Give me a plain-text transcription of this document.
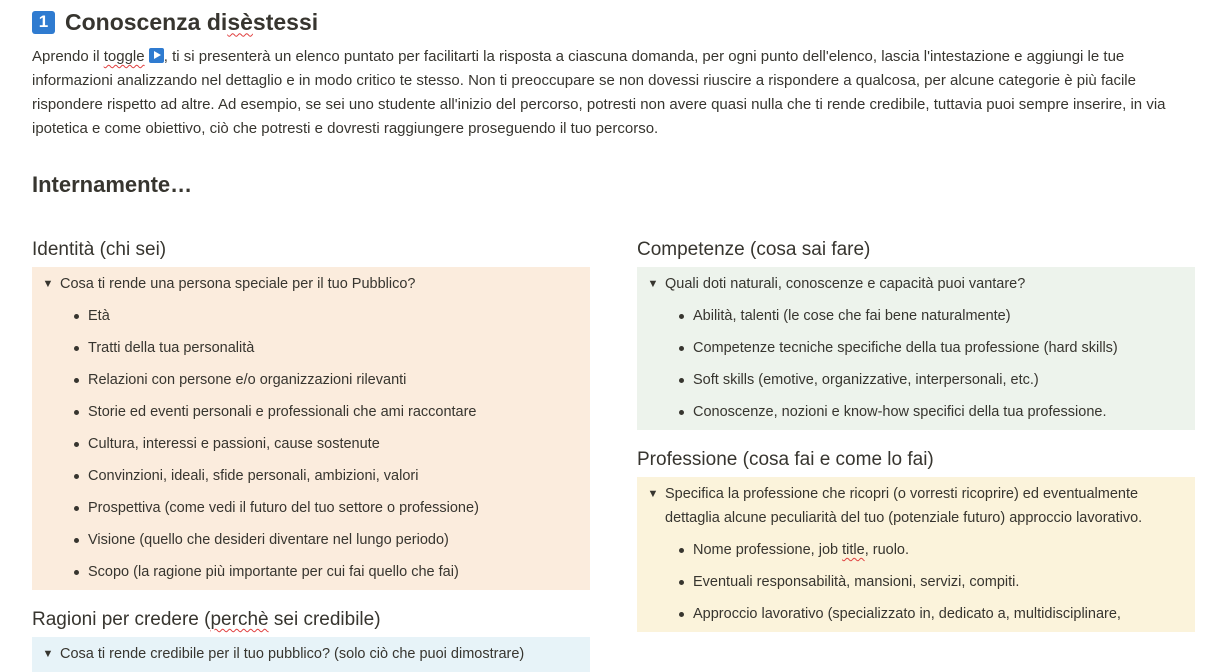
1 Conoscenza di sè stessi
Aprendo il toggle , ti si presenterà un elenco puntato per facilitarti la risposta a ciascuna domanda, per ogni punto dell'elenco, lascia l'intestazione e aggiungi le tue informazioni analizzando nel dettaglio e in modo critico te stesso. Non ti preoccupare se non dovessi riuscire a rispondere a qualcosa, per alcune categorie è più facile rispondere rispetto ad altre. Ad esempio, se sei uno studente all'inizio del percorso, potresti non avere quasi nulla che ti rende credibile, tuttavia puoi sempre inserire, in via ipotetica e come obiettivo, ciò che potresti e dovresti raggiungere proseguendo il tuo percorso.
Internamente…
Identità (chi sei)
▼ Cosa ti rende una persona speciale per il tuo Pubblico?
Età
Tratti della tua personalità
Relazioni con persone e/o organizzazioni rilevanti
Storie ed eventi personali e professionali che ami raccontare
Cultura, interessi e passioni, cause sostenute
Convinzioni, ideali, sfide personali, ambizioni, valori
Prospettiva (come vedi il futuro del tuo settore o professione)
Visione (quello che desideri diventare nel lungo periodo)
Scopo (la ragione più importante per cui fai quello che fai)
Ragioni per credere (perchè sei credibile)
▼ Cosa ti rende credibile per il tuo pubblico? (solo ciò che puoi dimostrare)
Competenze (cosa sai fare)
▼ Quali doti naturali, conoscenze e capacità puoi vantare?
Abilità, talenti (le cose che fai bene naturalmente)
Competenze tecniche specifiche della tua professione (hard skills)
Soft skills (emotive, organizzative, interpersonali, etc.)
Conoscenze, nozioni e know-how specifici della tua professione.
Professione (cosa fai e come lo fai)
▼ Specifica la professione che ricopri (o vorresti ricoprire) ed eventualmente dettaglia alcune peculiarità del tuo (potenziale futuro) approccio lavorativo.
Nome professione, job title, ruolo.
Eventuali responsabilità, mansioni, servizi, compiti.
Approccio lavorativo (specializzato in, dedicato a, multidisciplinare,
